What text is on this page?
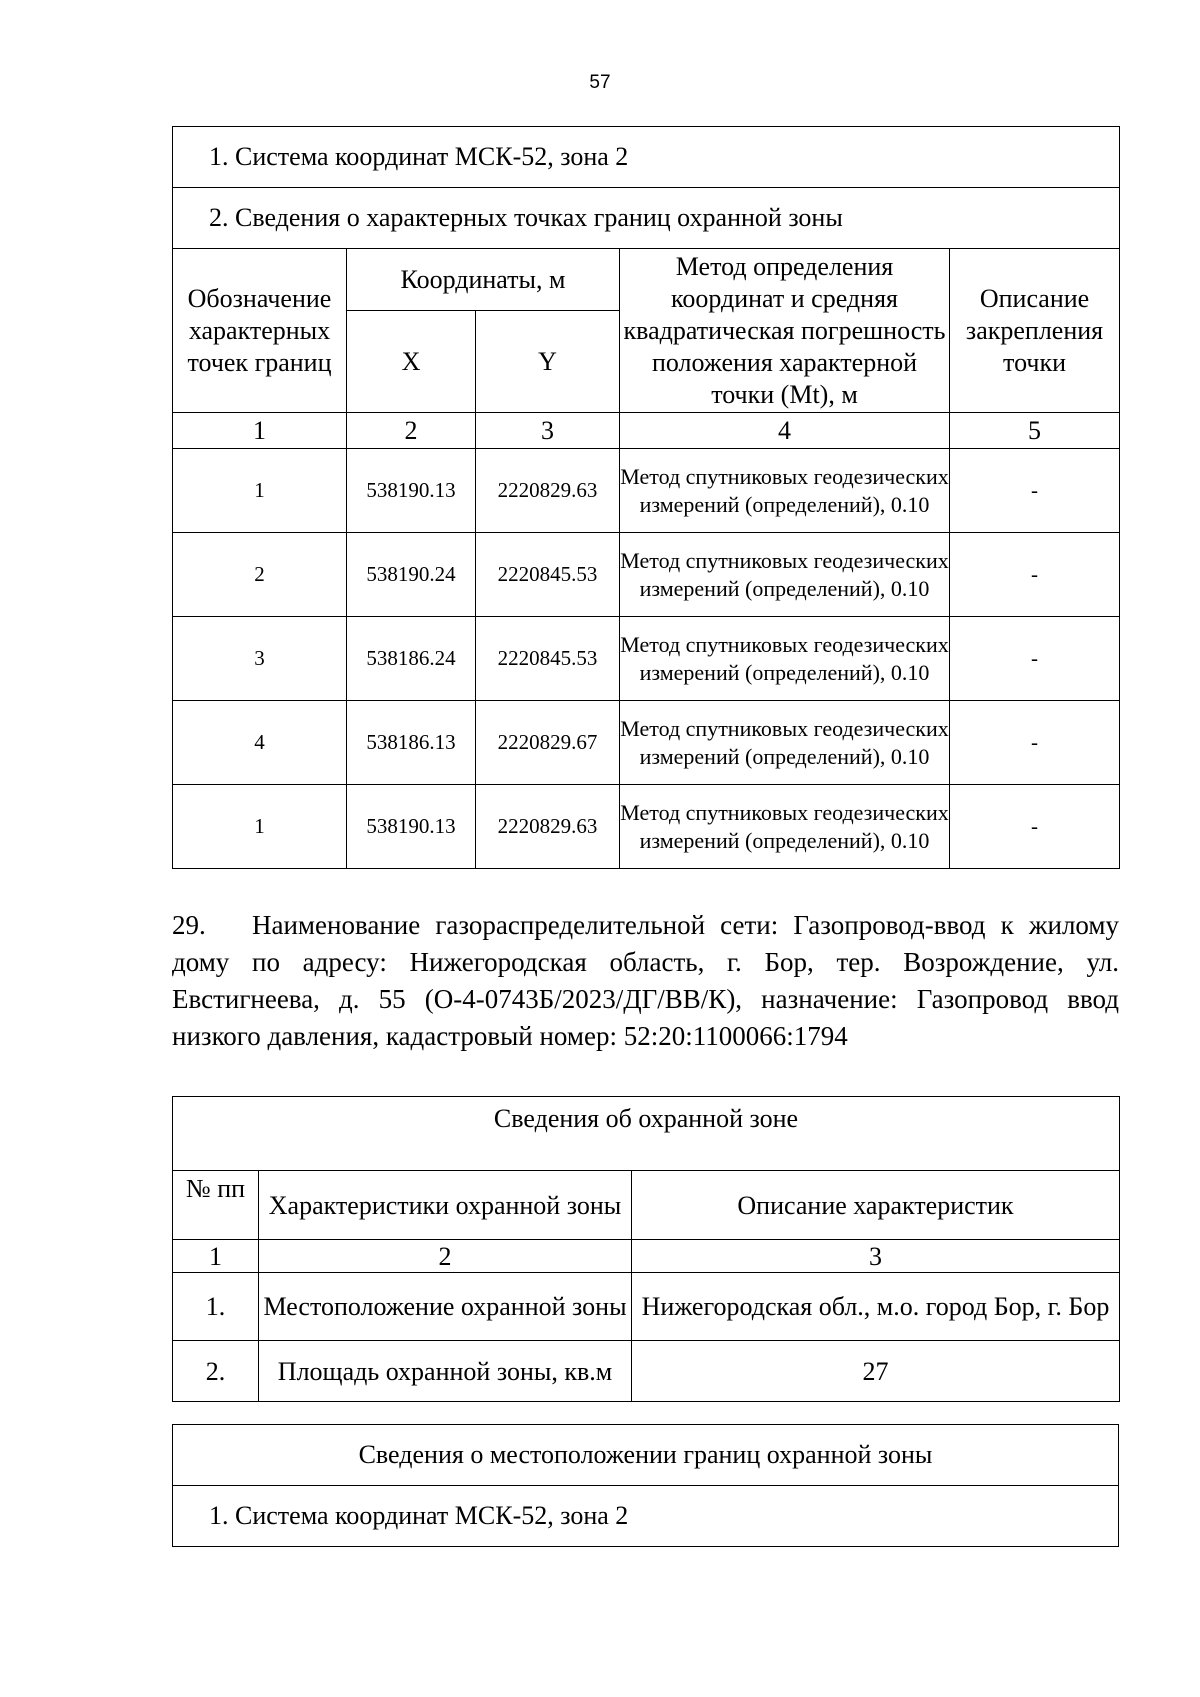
57
1. Система координат МСК-52, зона 2				
2. Сведения о характерных точках границ охранной зоны				
Обозначение характерных точек границ	Координаты, м		Метод определения координат и средняя квадратическая погрешность положения характерной точки (Mt), м	Описание закрепления точки
	X	Y		
1	2	3	4	5
1	538190.13	2220829.63	Метод спутниковых геодезических измерений (определений), 0.10	-
2	538190.24	2220845.53	Метод спутниковых геодезических измерений (определений), 0.10	-
3	538186.24	2220845.53	Метод спутниковых геодезических измерений (определений), 0.10	-
4	538186.13	2220829.67	Метод спутниковых геодезических измерений (определений), 0.10	-
1	538190.13	2220829.63	Метод спутниковых геодезических измерений (определений), 0.10	-
29. Наименование газораспределительной сети: Газопровод-ввод к жилому дому по адресу: Нижегородская область, г. Бор, тер. Возрождение, ул. Евстигнеева, д. 55 (О-4-0743Б/2023/ДГ/ВВ/К), назначение: Газопровод ввод низкого давления, кадастровый номер: 52:20:1100066:1794
Сведения об охранной зоне		
№ пп	Характеристики охранной зоны	Описание характеристик
1	2	3
1.	Местоположение охранной зоны	Нижегородская обл., м.о. город Бор, г. Бор
2.	Площадь охранной зоны, кв.м	27
Сведения о местоположении границ охранной зоны
1. Система координат МСК-52, зона 2
